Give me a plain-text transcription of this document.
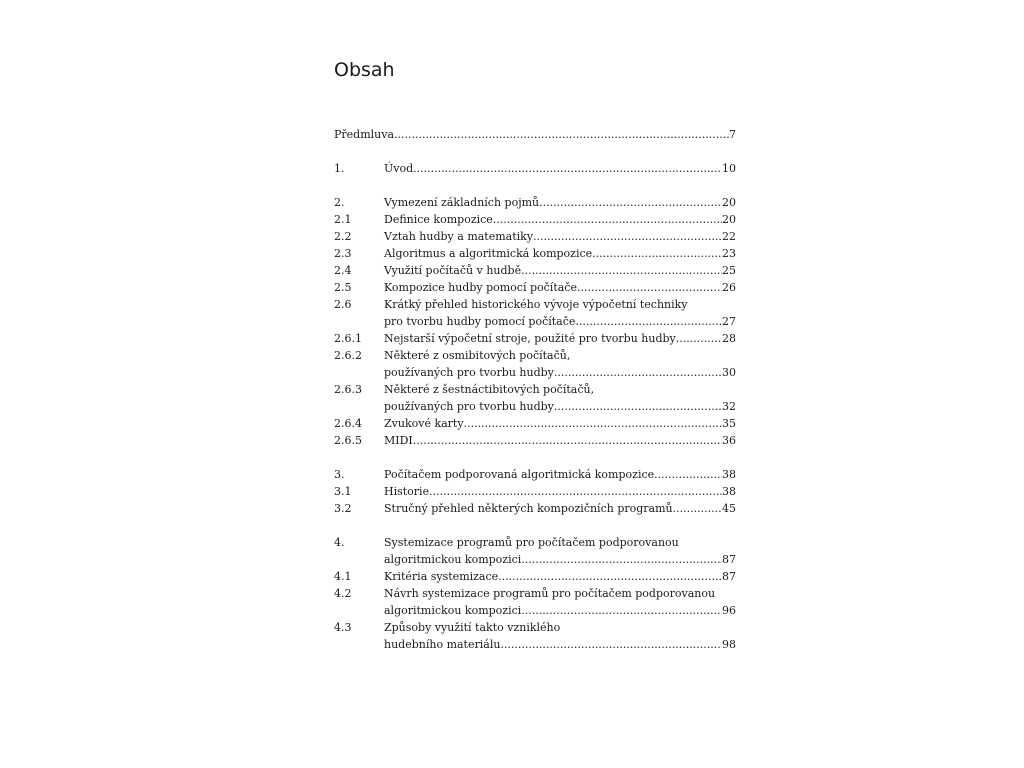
Obsah
Předmluva .....	7
1.	Úvod .....	10
2.	Vymezení základních pojmů .....	20
2.1	Definice kompozice .....	20
2.2	Vztah hudby a matematiky .....	22
2.3	Algoritmus a algoritmická kompozice .....	23
2.4	Využití počítačů v hudbě .....	25
2.5	Kompozice hudby pomocí počítače .....	26
2.6	Krátký přehled historického vývoje výpočetní techniky
pro tvorbu hudby pomocí počítače .....	27
2.6.1	Nejstarší výpočetní stroje, použité pro tvorbu hudby .....	28
2.6.2	Některé z osmibitových počítačů,
používaných pro tvorbu hudby .....	30
2.6.3	Některé z šestnáctibitových počítačů,
používaných pro tvorbu hudby .....	32
2.6.4	Zvukové karty .....	35
2.6.5	MIDI .....	36
3.	Počítačem podporovaná algoritmická kompozice .....	38
3.1	Historie .....	38
3.2	Stručný přehled některých kompozičních programů .....	45
4.	Systemizace programů pro počítačem podporovanou
algoritmickou kompozici .....	87
4.1	Kritéria systemizace .....	87
4.2	Návrh systemizace programů pro počítačem podporovanou
algoritmickou kompozici .....	96
4.3	Způsoby využití takto vzniklého
hudebního materiálu .....	98
